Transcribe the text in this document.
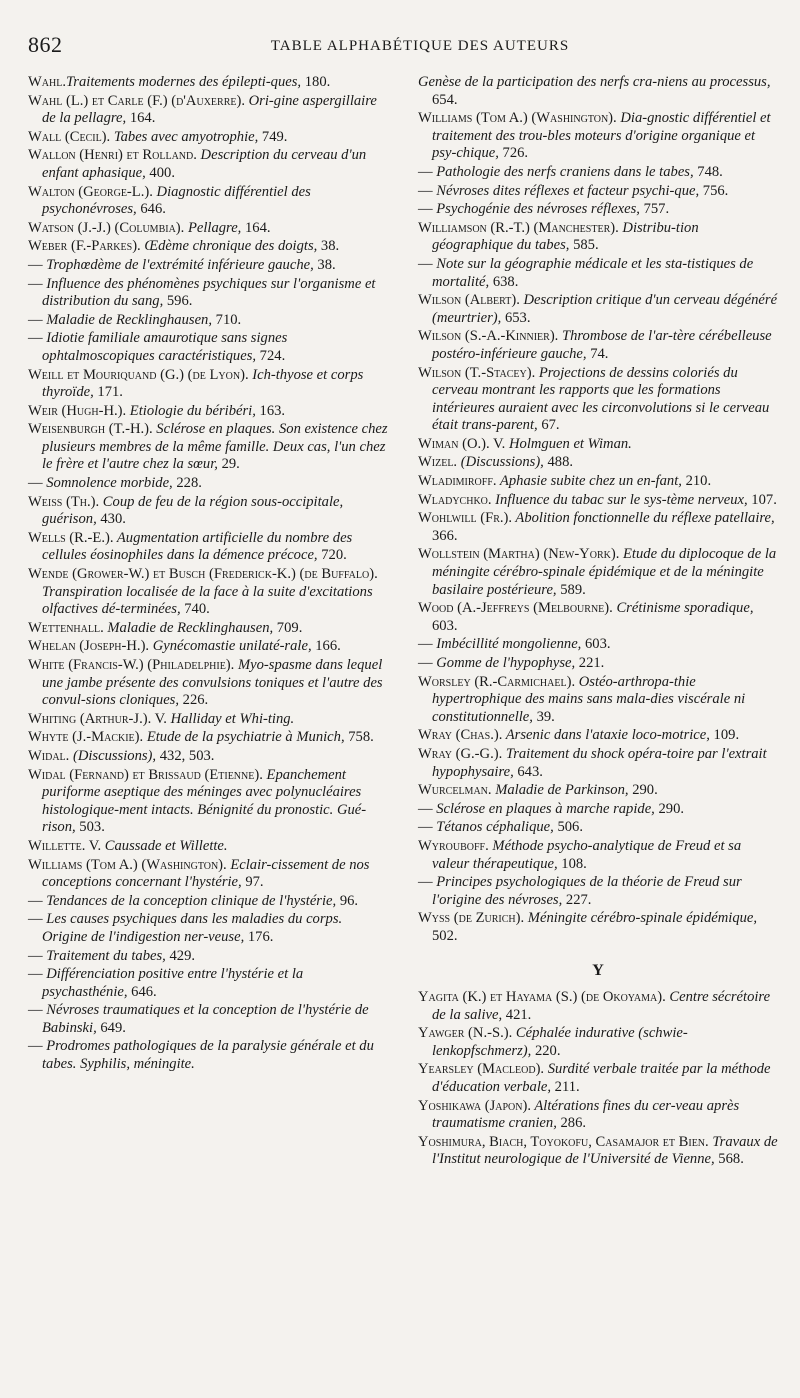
862	TABLE ALPHABÉTIQUE DES AUTEURS
Wahl.Traitements modernes des épilepti-ques, 180.
Wahl (L.) et Carle (F.) (d'Auxerre). Ori-gine aspergillaire de la pellagre, 164.
Wall (Cecil). Tabes avec amyotrophie, 749.
Wallon (Henri) et Rolland. Description du cerveau d'un enfant aphasique, 400.
Walton (George-L.). Diagnostic différentiel des psychonévroses, 646.
Watson (J.-J.) (Columbia). Pellagre, 164.
Weber (F.-Parkes). Œdème chronique des doigts, 38.
— Trophœdème de l'extrémité inférieure gauche, 38.
— Influence des phénomènes psychiques sur l'organisme et distribution du sang, 596.
— Maladie de Recklinghausen, 710.
— Idiotie familiale amaurotique sans signes ophtalmoscopiques caractéristiques, 724.
Weill et Mouriquand (G.) (de Lyon). Ich-thyose et corps thyroïde, 171.
Weir (Hugh-H.). Etiologie du béribéri, 163.
Weisenburgh (T.-H.). Sclérose en plaques. Son existence chez plusieurs membres de la même famille. Deux cas, l'un chez le frère et l'autre chez la sœur, 29.
— Somnolence morbide, 228.
Weiss (Th.). Coup de feu de la région sous-occipitale, guérison, 430.
Wells (R.-E.). Augmentation artificielle du nombre des cellules éosinophiles dans la démence précoce, 720.
Wende (Grower-W.) et Busch (Frederick-K.) (de Buffalo). Transpiration localisée de la face à la suite d'excitations olfactives dé-terminées, 740.
Wettenhall. Maladie de Recklinghausen, 709.
Whelan (Joseph-H.). Gynécomastie unilaté-rale, 166.
White (Francis-W.) (Philadelphie). Myo-spasme dans lequel une jambe présente des convulsions toniques et l'autre des convul-sions cloniques, 226.
Whiting (Arthur-J.). V. Halliday et Whi-ting.
Whyte (J.-Mackie). Etude de la psychiatrie à Munich, 758.
Widal. (Discussions), 432, 503.
Widal (Fernand) et Brissaud (Etienne). Epanchement puriforme aseptique des méninges avec polynucléaires histologique-ment intacts. Bénignité du pronostic. Gué-rison, 503.
Willette. V. Caussade et Willette.
Williams (Tom A.) (Washington). Eclair-cissement de nos conceptions concernant l'hystérie, 97.
— Tendances de la conception clinique de l'hystérie, 96.
— Les causes psychiques dans les maladies du corps. Origine de l'indigestion ner-veuse, 176.
— Traitement du tabes, 429.
— Différenciation positive entre l'hystérie et la psychasthénie, 646.
— Névroses traumatiques et la conception de l'hystérie de Babinski, 649.
— Prodromes pathologiques de la paralysie générale et du tabes. Syphilis, méningite.
Genèse de la participation des nerfs cra-niens au processus, 654.
Williams (Tom A.) (Washington). Dia-gnostic différentiel et traitement des trou-bles moteurs d'origine organique et psy-chique, 726.
— Pathologie des nerfs craniens dans le tabes, 748.
— Névroses dites réflexes et facteur psychi-que, 756.
— Psychogénie des névroses réflexes, 757.
Williamson (R.-T.) (Manchester). Distribu-tion géographique du tabes, 585.
— Note sur la géographie médicale et les sta-tistiques de mortalité, 638.
Wilson (Albert). Description critique d'un cerveau dégénéré (meurtrier), 653.
Wilson (S.-A.-Kinnier). Thrombose de l'ar-tère cérébelleuse postéro-inférieure gauche, 74.
Wilson (T.-Stacey). Projections de dessins coloriés du cerveau montrant les rapports que les formations intérieures auraient avec les circonvolutions si le cerveau était trans-parent, 67.
Wiman (O.). V. Holmguen et Wiman.
Wizel. (Discussions), 488.
Wladimiroff. Aphasie subite chez un en-fant, 210.
Wladychko. Influence du tabac sur le sys-tème nerveux, 107.
Wohlwill (Fr.). Abolition fonctionnelle du réflexe patellaire, 366.
Wollstein (Martha) (New-York). Etude du diplocoque de la méningite cérébro-spinale épidémique et de la méningite basilaire postérieure, 589.
Wood (A.-Jeffreys (Melbourne). Crétinisme sporadique, 603.
— Imbécillité mongolienne, 603.
— Gomme de l'hypophyse, 221.
Worsley (R.-Carmichael). Ostéo-arthropa-thie hypertrophique des mains sans mala-dies viscérale ni constitutionnelle, 39.
Wray (Chas.). Arsenic dans l'ataxie loco-motrice, 109.
Wray (G.-G.). Traitement du shock opéra-toire par l'extrait hypophysaire, 643.
Wurcelman. Maladie de Parkinson, 290.
— Sclérose en plaques à marche rapide, 290.
— Tétanos céphalique, 506.
Wyrouboff. Méthode psycho-analytique de Freud et sa valeur thérapeutique, 108.
— Principes psychologiques de la théorie de Freud sur l'origine des névroses, 227.
Wyss (de Zurich). Méningite cérébro-spinale épidémique, 502.
Y
Yagita (K.) et Hayama (S.) (de Okoyama). Centre sécrétoire de la salive, 421.
Yawger (N.-S.). Céphalée indurative (schwie-lenkopfschmerz), 220.
Yearsley (Macleod). Surdité verbale traitée par la méthode d'éducation verbale, 211.
Yoshikawa (Japon). Altérations fines du cer-veau après traumatisme cranien, 286.
Yoshimura, Biach, Toyokofu, Casamajor et Bien. Travaux de l'Institut neurologique de l'Université de Vienne, 568.
